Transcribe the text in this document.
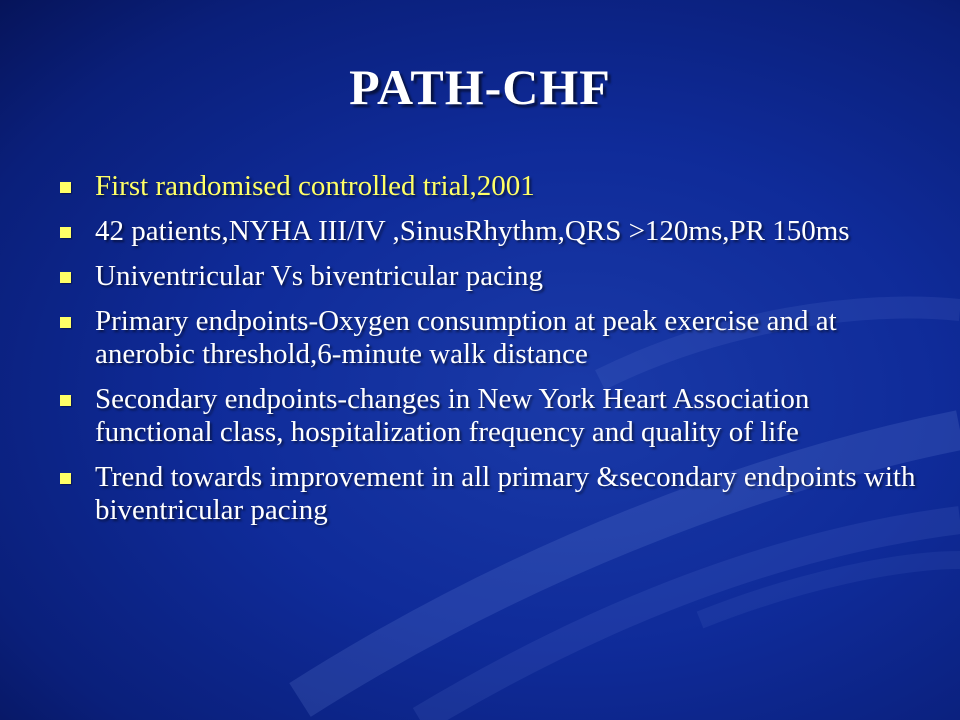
PATH-CHF
First randomised controlled trial,2001
42 patients,NYHA III/IV ,SinusRhythm,QRS >120ms,PR 150ms
Univentricular Vs biventricular pacing
Primary endpoints-Oxygen consumption at peak exercise and at anerobic threshold,6-minute walk distance
Secondary endpoints-changes in New York Heart Association functional class, hospitalization frequency and quality of life
Trend towards improvement in all primary &secondary endpoints with biventricular pacing
